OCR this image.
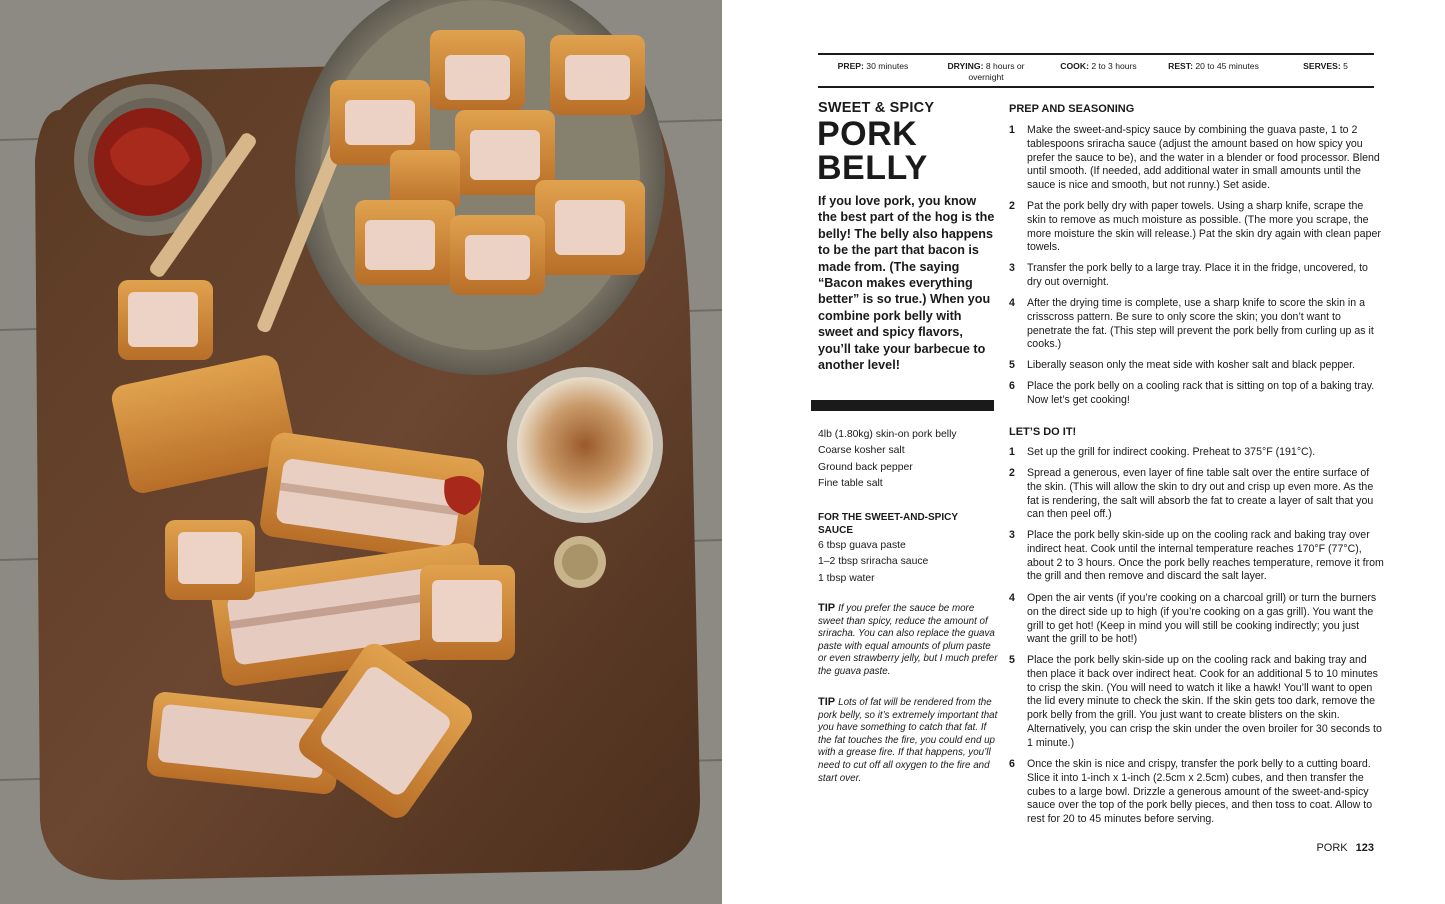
PREP: 30 minutes	DRYING: 8 hours or overnight
COOK: 2 to 3 hours	REST: 20 to 45 minutes	SERVES: 5
SWEET & SPICY
PORK
BELLY
If you love pork, you know the best part of the hog is the belly! The belly also happens to be the part that bacon is made from. (The saying “Bacon makes everything better” is so true.) When you combine pork belly with sweet and spicy flavors, you’ll take your barbecue to another level!
4lb (1.80kg) skin-on pork belly
Coarse kosher salt
Ground back pepper
Fine table salt
FOR THE SWEET-AND-SPICY SAUCE
6 tbsp guava paste
1–2 tbsp sriracha sauce
1 tbsp water
TIP If you prefer the sauce be more sweet than spicy, reduce the amount of sriracha. You can also replace the guava paste with equal amounts of plum paste or even strawberry jelly, but I much prefer the guava paste.
TIP Lots of fat will be rendered from the pork belly, so it’s extremely important that you have something to catch that fat. If the fat touches the fire, you could end up with a grease fire. If that happens, you’ll need to cut off all oxygen to the fire and start over.
PREP AND SEASONING
1 Make the sweet-and-spicy sauce by combining the guava paste, 1 to 2 tablespoons sriracha sauce (adjust the amount based on how spicy you prefer the sauce to be), and the water in a blender or food processor. Blend until smooth. (If needed, add additional water in small amounts until the sauce is nice and smooth, but not runny.) Set aside.
2 Pat the pork belly dry with paper towels. Using a sharp knife, scrape the skin to remove as much moisture as possible. (The more you scrape, the more moisture the skin will release.) Pat the skin dry again with clean paper towels.
3 Transfer the pork belly to a large tray. Place it in the fridge, uncovered, to dry out overnight.
4 After the drying time is complete, use a sharp knife to score the skin in a crisscross pattern. Be sure to only score the skin; you don’t want to penetrate the fat. (This step will prevent the pork belly from curling up as it cooks.)
5 Liberally season only the meat side with kosher salt and black pepper.
6 Place the pork belly on a cooling rack that is sitting on top of a baking tray. Now let’s get cooking!
LET’S DO IT!
1 Set up the grill for indirect cooking. Preheat to 375°F (191°C).
2 Spread a generous, even layer of fine table salt over the entire surface of the skin. (This will allow the skin to dry out and crisp up even more. As the fat is rendering, the salt will absorb the fat to create a layer of salt that you can then peel off.)
3 Place the pork belly skin-side up on the cooling rack and baking tray over indirect heat. Cook until the internal temperature reaches 170°F (77°C), about 2 to 3 hours. Once the pork belly reaches temperature, remove it from the grill and then remove and discard the salt layer.
4 Open the air vents (if you’re cooking on a charcoal grill) or turn the burners on the direct side up to high (if you’re cooking on a gas grill). You want the grill to get hot! (Keep in mind you will still be cooking indirectly; you just want the grill to be hot!)
5 Place the pork belly skin-side up on the cooling rack and baking tray and then place it back over indirect heat. Cook for an additional 5 to 10 minutes to crisp the skin. (You will need to watch it like a hawk! You’ll want to open the lid every minute to check the skin. If the skin gets too dark, remove the pork belly from the grill. You just want to create blisters on the skin. Alternatively, you can crisp the skin under the oven broiler for 30 seconds to 1 minute.)
6 Once the skin is nice and crispy, transfer the pork belly to a cutting board. Slice it into 1-inch x 1-inch (2.5cm x 2.5cm) cubes, and then transfer the cubes to a large bowl. Drizzle a generous amount of the sweet-and-spicy sauce over the top of the pork belly pieces, and then toss to coat. Allow to rest for 20 to 45 minutes before serving.
PORK 123
